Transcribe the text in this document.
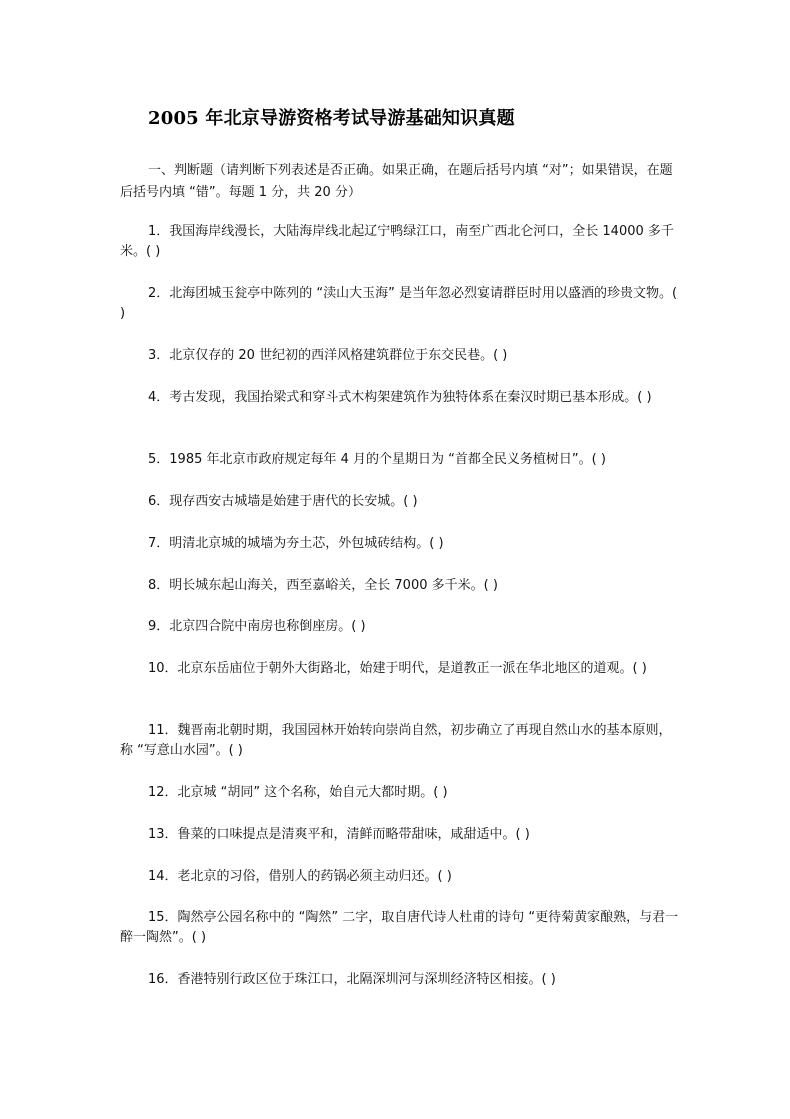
2005 年北京导游资格考试导游基础知识真题
一、判断题（请判断下列表述是否正确。如果正确，在题后括号内填 “对”；如果错误，在题后括号内填 “错”。每题 1 分，共 20 分）
1．我国海岸线漫长，大陆海岸线北起辽宁鸭绿江口，南至广西北仑河口，全长 14000 多千米。( )
2．北海团城玉瓮亭中陈列的 “渎山大玉海” 是当年忽必烈宴请群臣时用以盛酒的珍贵文物。( )
3．北京仅存的 20 世纪初的西洋风格建筑群位于东交民巷。( )
4．考古发现，我国抬梁式和穿斗式木构架建筑作为独特体系在秦汉时期已基本形成。( )
5．1985 年北京市政府规定每年 4 月的个星期日为 “首都全民义务植树日”。( )
6．现存西安古城墙是始建于唐代的长安城。( )
7．明清北京城的城墙为夯土芯，外包城砖结构。( )
8．明长城东起山海关，西至嘉峪关，全长 7000 多千米。( )
9．北京四合院中南房也称倒座房。( )
10．北京东岳庙位于朝外大街路北，始建于明代，是道教正一派在华北地区的道观。( )
11．魏晋南北朝时期，我国园林开始转向崇尚自然，初步确立了再现自然山水的基本原则，称 “写意山水园”。( )
12．北京城 “胡同” 这个名称，始自元大都时期。( )
13．鲁菜的口味提点是清爽平和，清鲜而略带甜味，咸甜适中。( )
14．老北京的习俗，借别人的药锅必须主动归还。( )
15．陶然亭公园名称中的 “陶然” 二字，取自唐代诗人杜甫的诗句 “更待菊黄家酿熟，与君一醉一陶然”。( )
16．香港特别行政区位于珠江口，北隔深圳河与深圳经济特区相接。( )
